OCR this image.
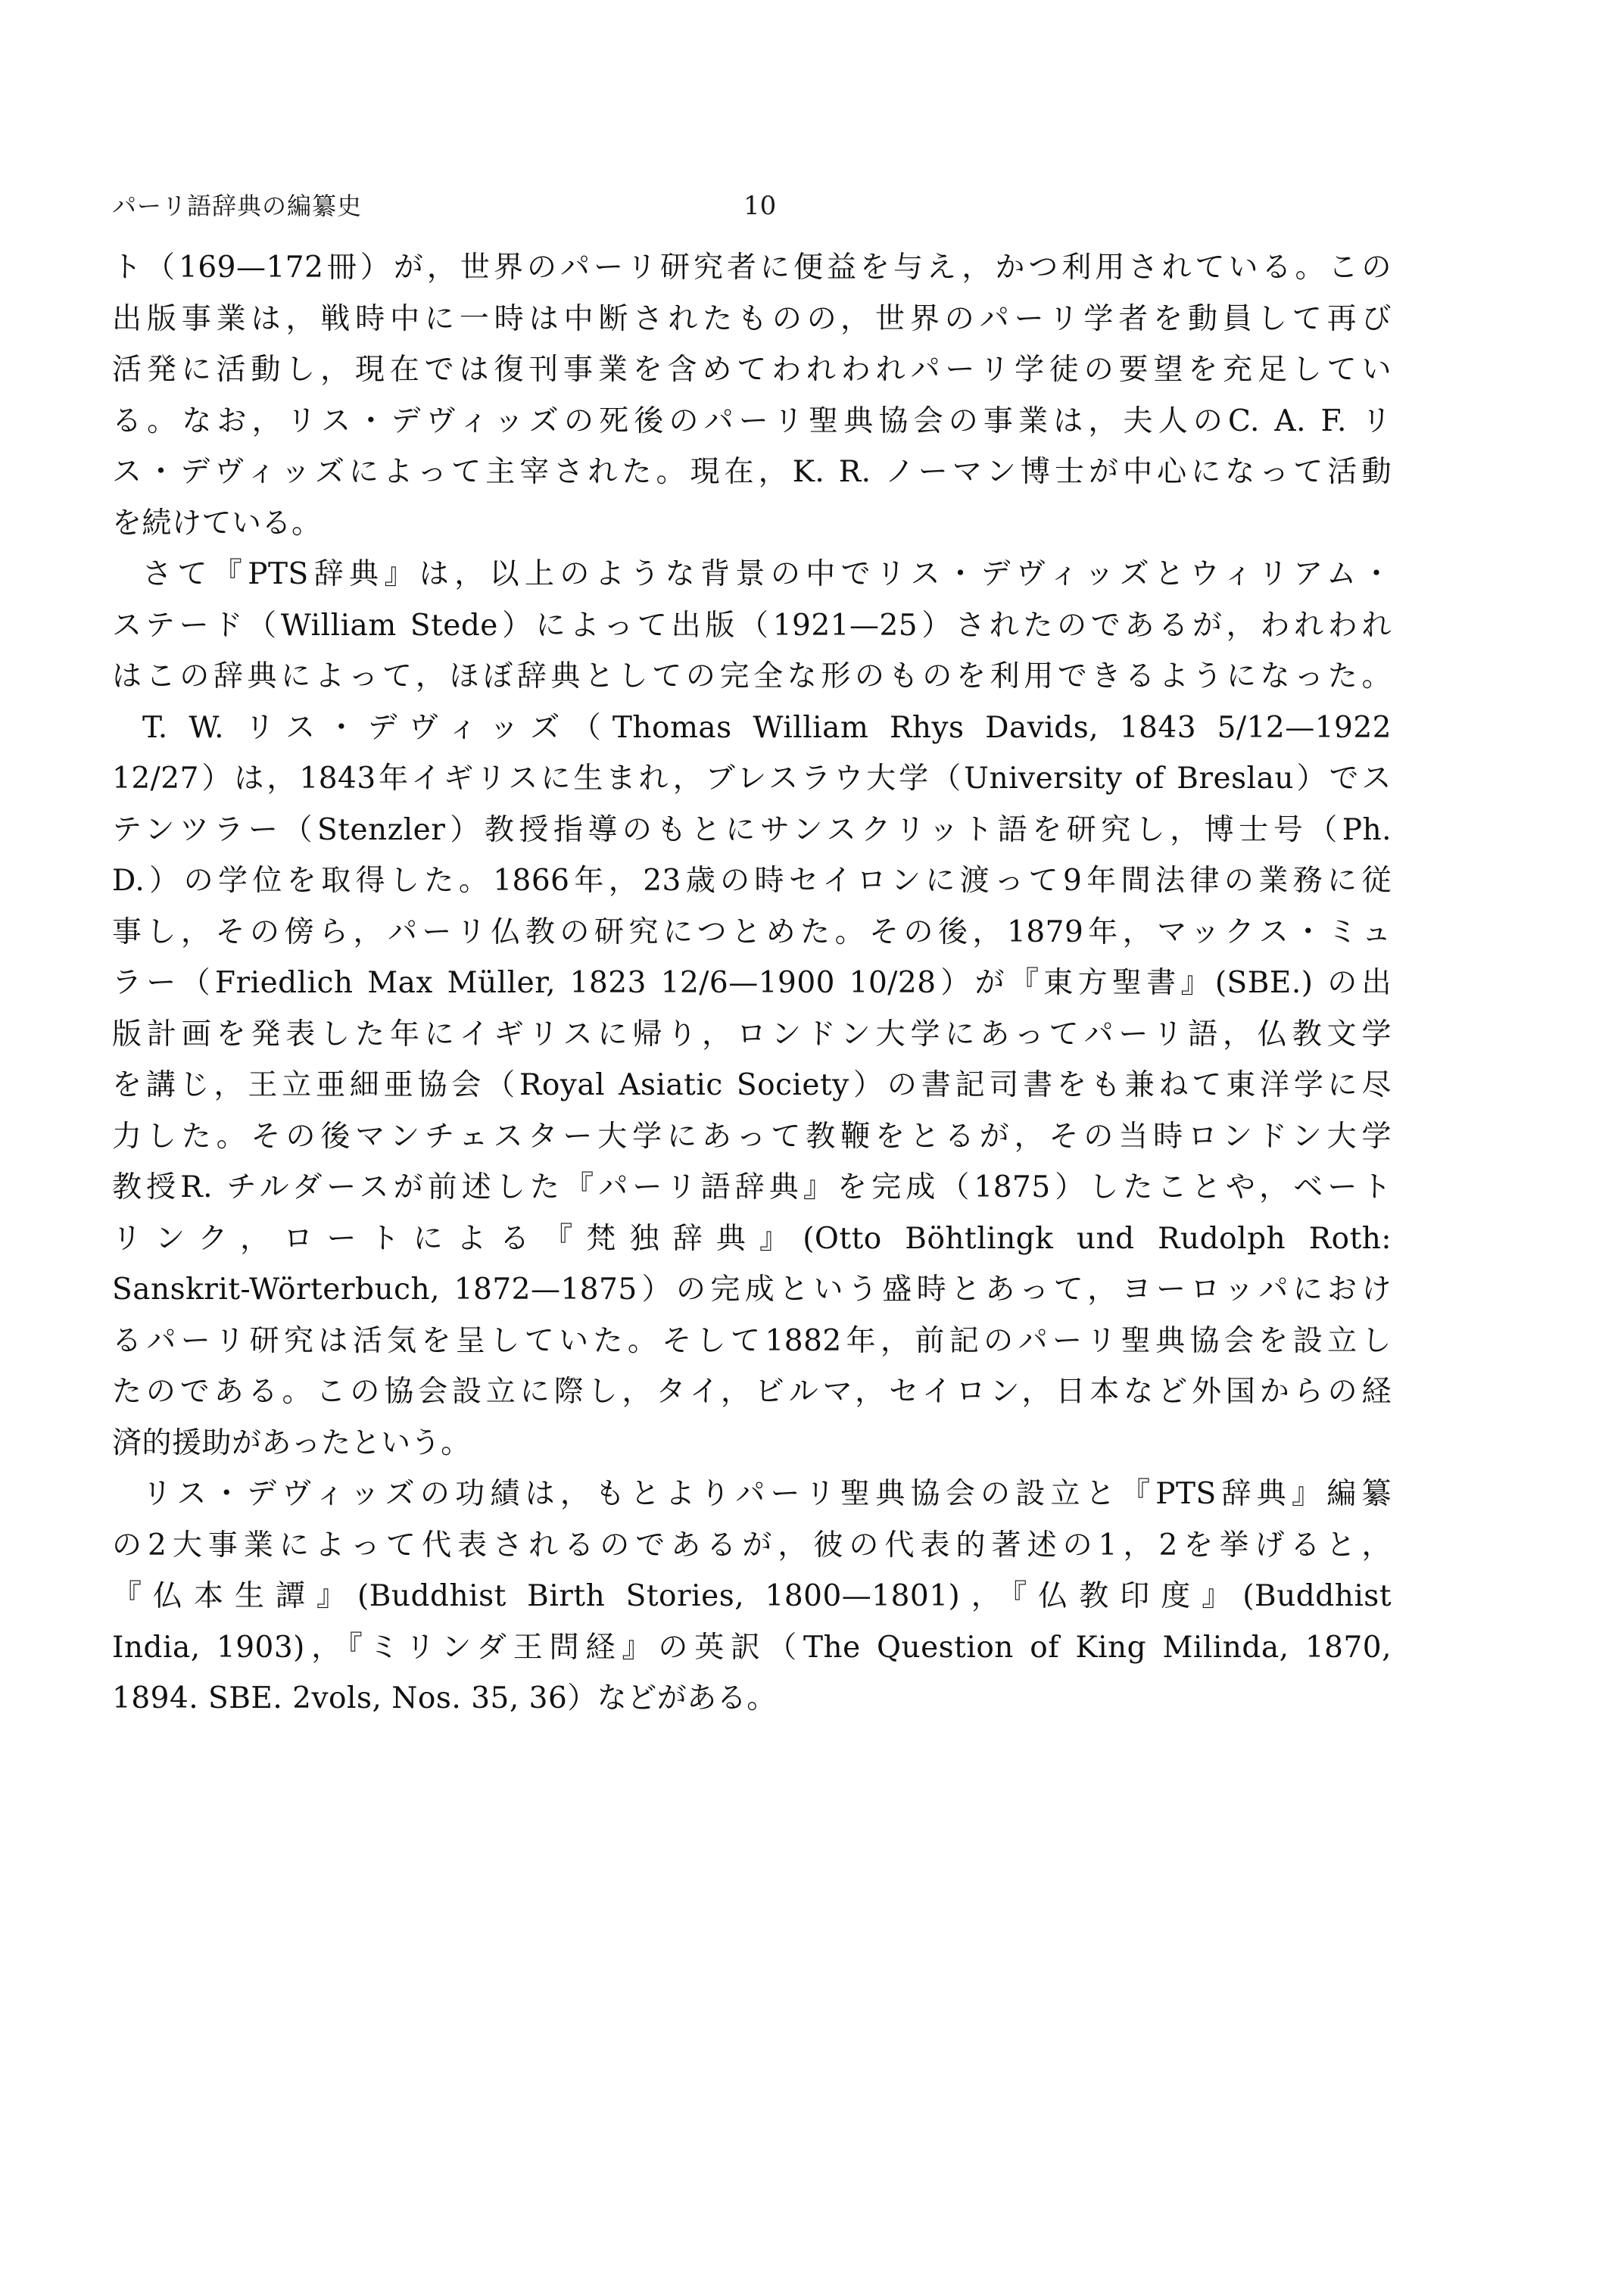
パーリ語辞典の編纂史	10
ト（169—172冊）が，世界のパーリ研究者に便益を与え，かつ利用されている。この
出版事業は，戦時中に一時は中断されたものの，世界のパーリ学者を動員して再び
活発に活動し，現在では復刊事業を含めてわれわれパーリ学徒の要望を充足してい
る。なお，リス・デヴィッズの死後のパーリ聖典協会の事業は，夫人のC. A. F. リ
ス・デヴィッズによって主宰された。現在，K. R. ノーマン博士が中心になって活動
を続けている。
さて『PTS辞典』は，以上のような背景の中でリス・デヴィッズとウィリアム・
ステード（William Stede）によって出版（1921—25）されたのであるが，われわれ
はこの辞典によって，ほぼ辞典としての完全な形のものを利用できるようになった。
T. W. リス・デヴィッズ（Thomas William Rhys Davids, 1843 5/12—1922
12/27）は，1843年イギリスに生まれ，ブレスラウ大学（University of Breslau）でス
テンツラー（Stenzler）教授指導のもとにサンスクリット語を研究し，博士号（Ph.
D.）の学位を取得した。1866年，23歳の時セイロンに渡って9年間法律の業務に従
事し，その傍ら，パーリ仏教の研究につとめた。その後，1879年，マックス・ミュ
ラー（Friedlich Max Müller, 1823 12/6—1900 10/28）が『東方聖書』(SBE.) の出
版計画を発表した年にイギリスに帰り，ロンドン大学にあってパーリ語，仏教文学
を講じ，王立亜細亜協会（Royal Asiatic Society）の書記司書をも兼ねて東洋学に尽
力した。その後マンチェスター大学にあって教鞭をとるが，その当時ロンドン大学
教授R. チルダースが前述した『パーリ語辞典』を完成（1875）したことや，ベート
リンク，ロートによる『梵独辞典』(Otto Böhtlingk und Rudolph Roth:
Sanskrit-Wörterbuch, 1872—1875）の完成という盛時とあって，ヨーロッパにおけ
るパーリ研究は活気を呈していた。そして1882年，前記のパーリ聖典協会を設立し
たのである。この協会設立に際し，タイ，ビルマ，セイロン，日本など外国からの経
済的援助があったという。
リス・デヴィッズの功績は，もとよりパーリ聖典協会の設立と『PTS辞典』編纂
の2大事業によって代表されるのであるが，彼の代表的著述の1，2を挙げると，
『仏本生譚』(Buddhist Birth Stories, 1800—1801)，『仏教印度』(Buddhist
India, 1903)，『ミリンダ王問経』の英訳（The Question of King Milinda, 1870,
1894. SBE. 2vols, Nos. 35, 36）などがある。
